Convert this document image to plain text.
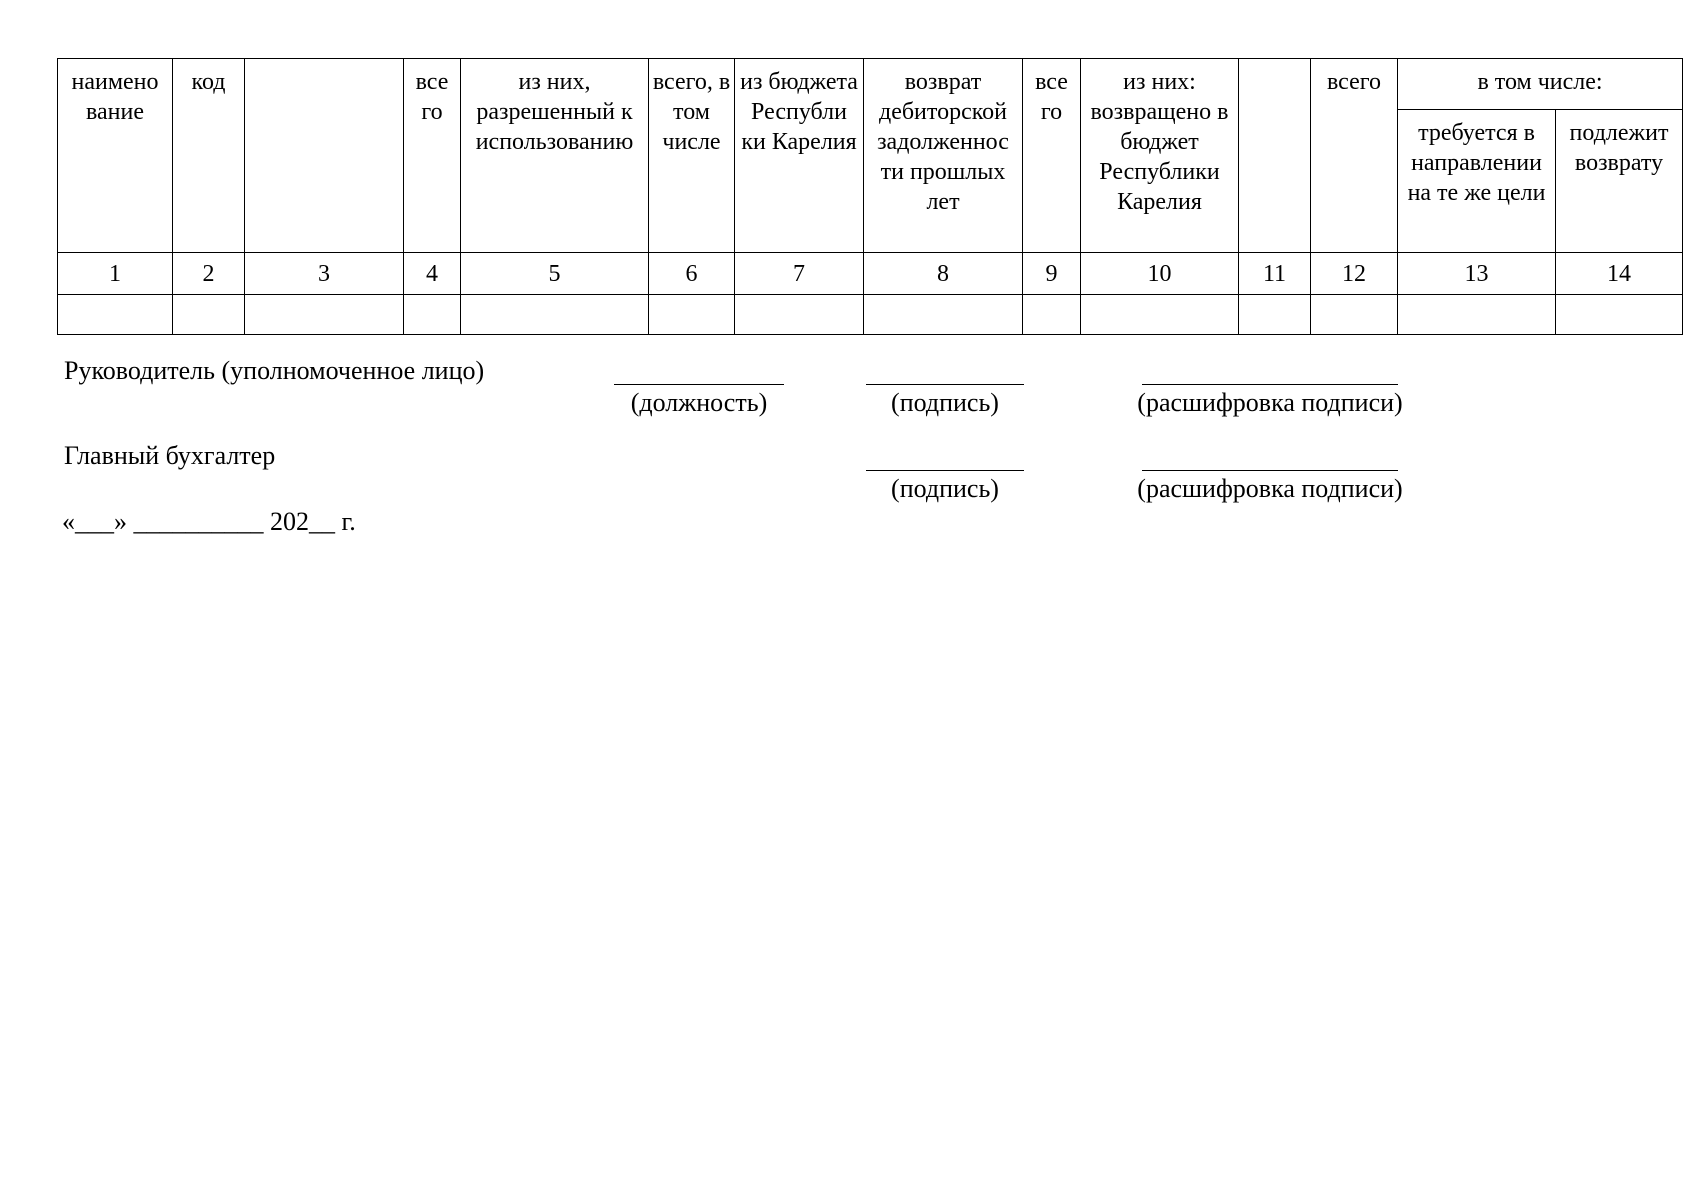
наимено вание	код		все го	из них, разрешенный к использованию	всего, в том числе	из бюджета Республи ки Карелия	возврат дебиторской задолженнос ти прошлых лет	все го	из них: возвращено в бюджет Республики Карелия		всего	в том числе:	
												требуется в направлении на те же цели	подлежит возврату
1	2	3	4	5	6	7	8	9	10	11	12	13	14

Руководитель (уполномоченное лицо)
(должность)	(подпись)	(расшифровка подписи)
Главный бухгалтер
(подпись)	(расшифровка подписи)
«___» __________ 202__ г.
